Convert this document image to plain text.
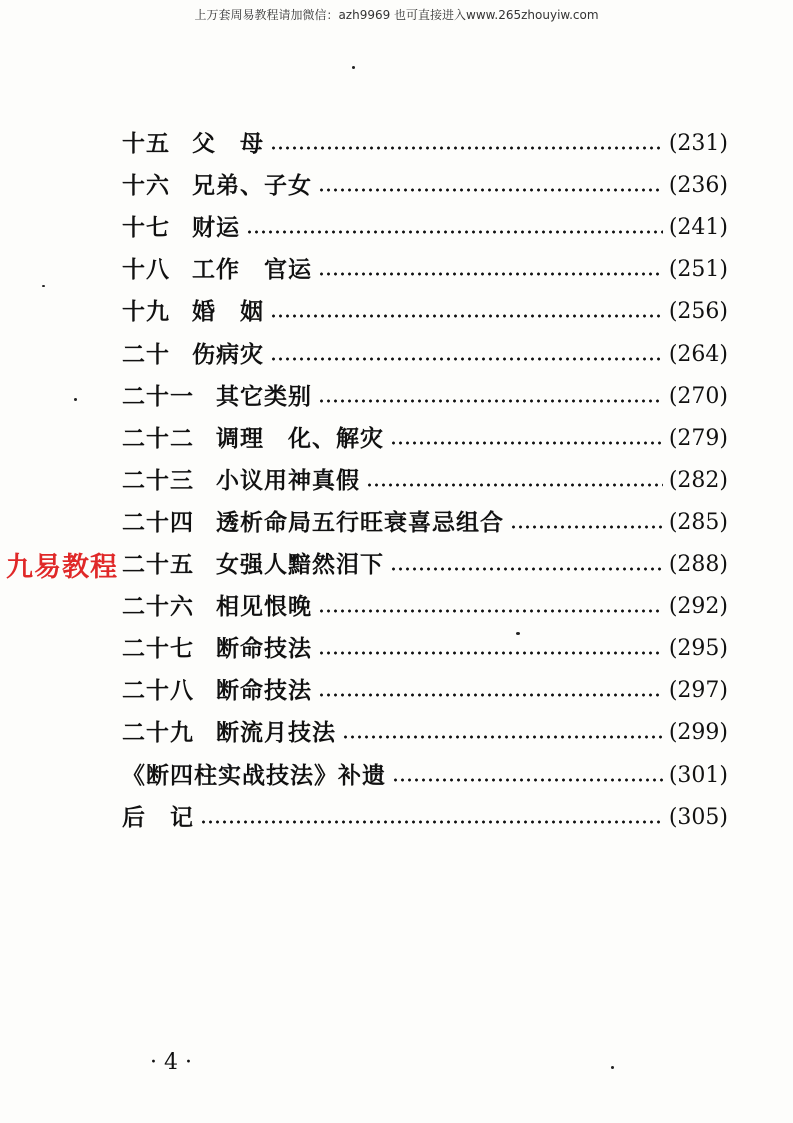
上万套周易教程请加微信：azh9969 也可直接进入www.265zhouyiw.com
十五 父　母	(231)
十六 兄弟、子女	(236)
十七 财运	(241)
十八 工作　官运	(251)
十九 婚　姻	(256)
二十 伤病灾	(264)
二十一 其它类别	(270)
二十二 调理　化、解灾	(279)
二十三 小议用神真假	(282)
二十四 透析命局五行旺衰喜忌组合	(285)
二十五 女强人黯然泪下	(288)
二十六 相见恨晚	(292)
二十七 断命技法	(295)
二十八 断命技法	(297)
二十九 断流月技法	(299)
《断四柱实战技法》补遗	(301)
后　记	(305)
九易教程
· 4 ·
